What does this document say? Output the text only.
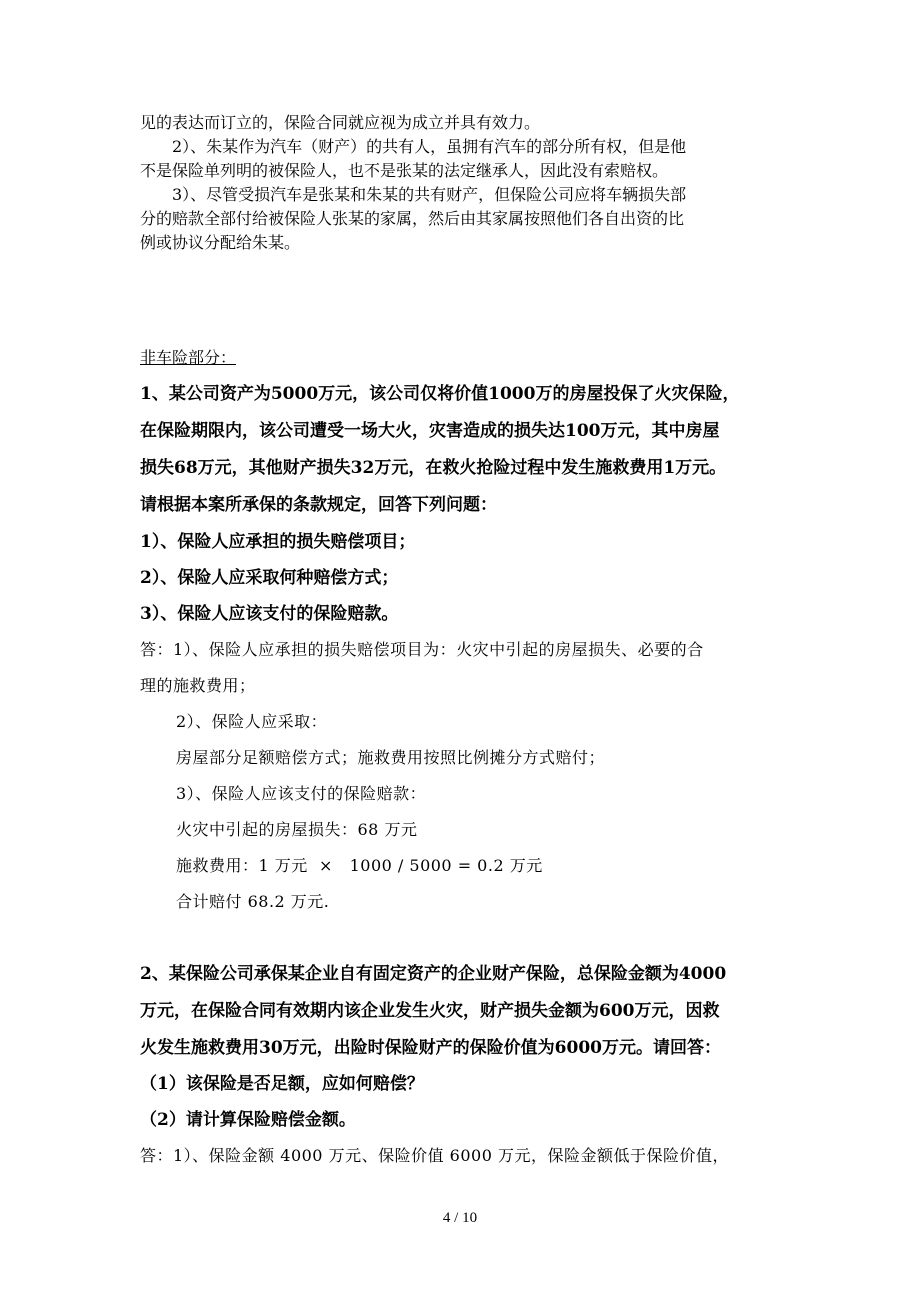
见的表达而订立的，保险合同就应视为成立并具有效力。
2）、朱某作为汽车（财产）的共有人，虽拥有汽车的部分所有权，但是他
不是保险单列明的被保险人，也不是张某的法定继承人，因此没有索赔权。
3）、尽管受损汽车是张某和朱某的共有财产，但保险公司应将车辆损失部
分的赔款全部付给被保险人张某的家属，然后由其家属按照他们各自出资的比
例或协议分配给朱某。
非车险部分：
1、某公司资产为5000万元，该公司仅将价值1000万的房屋投保了火灾保险，
在保险期限内，该公司遭受一场大火，灾害造成的损失达100万元，其中房屋
损失68万元，其他财产损失32万元，在救火抢险过程中发生施救费用1万元。
请根据本案所承保的条款规定，回答下列问题：
1）、保险人应承担的损失赔偿项目；
2）、保险人应采取何种赔偿方式；
3）、保险人应该支付的保险赔款。
答：1）、保险人应承担的损失赔偿项目为：火灾中引起的房屋损失、必要的合
理的施救费用；
2）、保险人应采取：
房屋部分足额赔偿方式；施救费用按照比例摊分方式赔付；
3）、保险人应该支付的保险赔款：
火灾中引起的房屋损失：68 万元
施救费用：1 万元  ×   1000 / 5000 = 0.2 万元
合计赔付 68.2 万元.
2、某保险公司承保某企业自有固定资产的企业财产保险，总保险金额为4000
万元，在保险合同有效期内该企业发生火灾，财产损失金额为600万元，因救
火发生施救费用30万元，出险时保险财产的保险价值为6000万元。请回答：
（1）该保险是否足额，应如何赔偿？
（2）请计算保险赔偿金额。
答：1）、保险金额 4000 万元、保险价值 6000 万元，保险金额低于保险价值，
4 / 10
